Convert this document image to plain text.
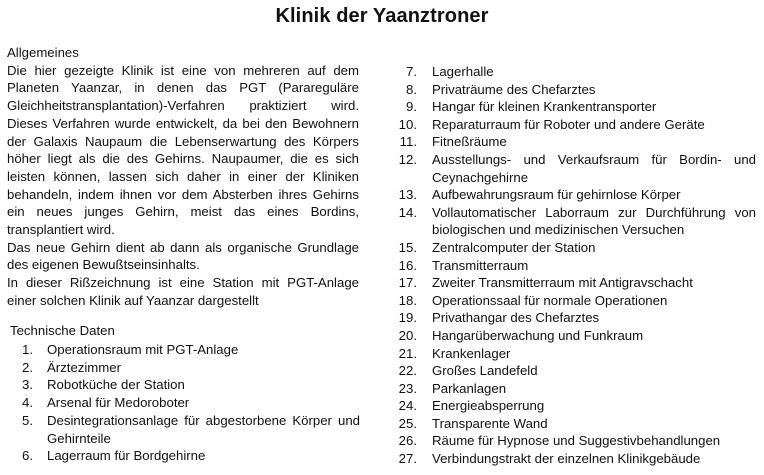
Klinik der Yaanztroner

Allgemeines

Die hier gezeigte Klinik ist eine von mehreren auf dem Planeten Yaanzar, in denen das PGT (Parareguläre Gleichheitstransplantation)-Verfahren praktiziert wird. Dieses Verfahren wurde entwickelt, da bei den Bewohnern der Galaxis Naupaum die Lebenserwartung des Körpers höher liegt als die des Gehirns. Naupaumer, die es sich leisten können, lassen sich daher in einer der Kliniken behandeln, indem ihnen vor dem Absterben ihres Gehirns ein neues junges Gehirn, meist das eines Bordins, transplantiert wird.

Das neue Gehirn dient ab dann als organische Grundlage des eigenen Bewußtseinsinhalts.

In dieser Rißzeichnung ist eine Station mit PGT-Anlage einer solchen Klinik auf Yaanzar dargestellt

Technische Daten
1.	Operationsraum mit PGT-Anlage
2.	Ärztezimmer
3.	Robotküche der Station
4.	Arsenal für Medoroboter
5.	Desintegrationsanlage für abgestorbene Körper und Gehirnteile
6.	Lagerraum für Bordgehirne
7.	Lagerhalle
8.	Privaträume des Chefarztes
9.	Hangar für kleinen Krankentransporter
10.	Reparaturraum für Roboter und andere Geräte
11.	Fitneßräume
12.	Ausstellungs- und Verkaufsraum für Bordin- und Ceynachgehirne
13.	Aufbewahrungsraum für gehirnlose Körper
14.	Vollautomatischer Laborraum zur Durchführung von biologischen und medizinischen Versuchen
15.	Zentralcomputer der Station
16.	Transmitterraum
17.	Zweiter Transmitterraum mit Antigravschacht
18.	Operationssaal für normale Operationen
19.	Privathangar des Chefarztes
20.	Hangarüberwachung und Funkraum
21.	Krankenlager
22.	Großes Landefeld
23.	Parkanlagen
24.	Energieabsperrung
25.	Transparente Wand
26.	Räume für Hypnose und Suggestivbehandlungen
27.	Verbindungstrakt der einzelnen Klinikgebäude
